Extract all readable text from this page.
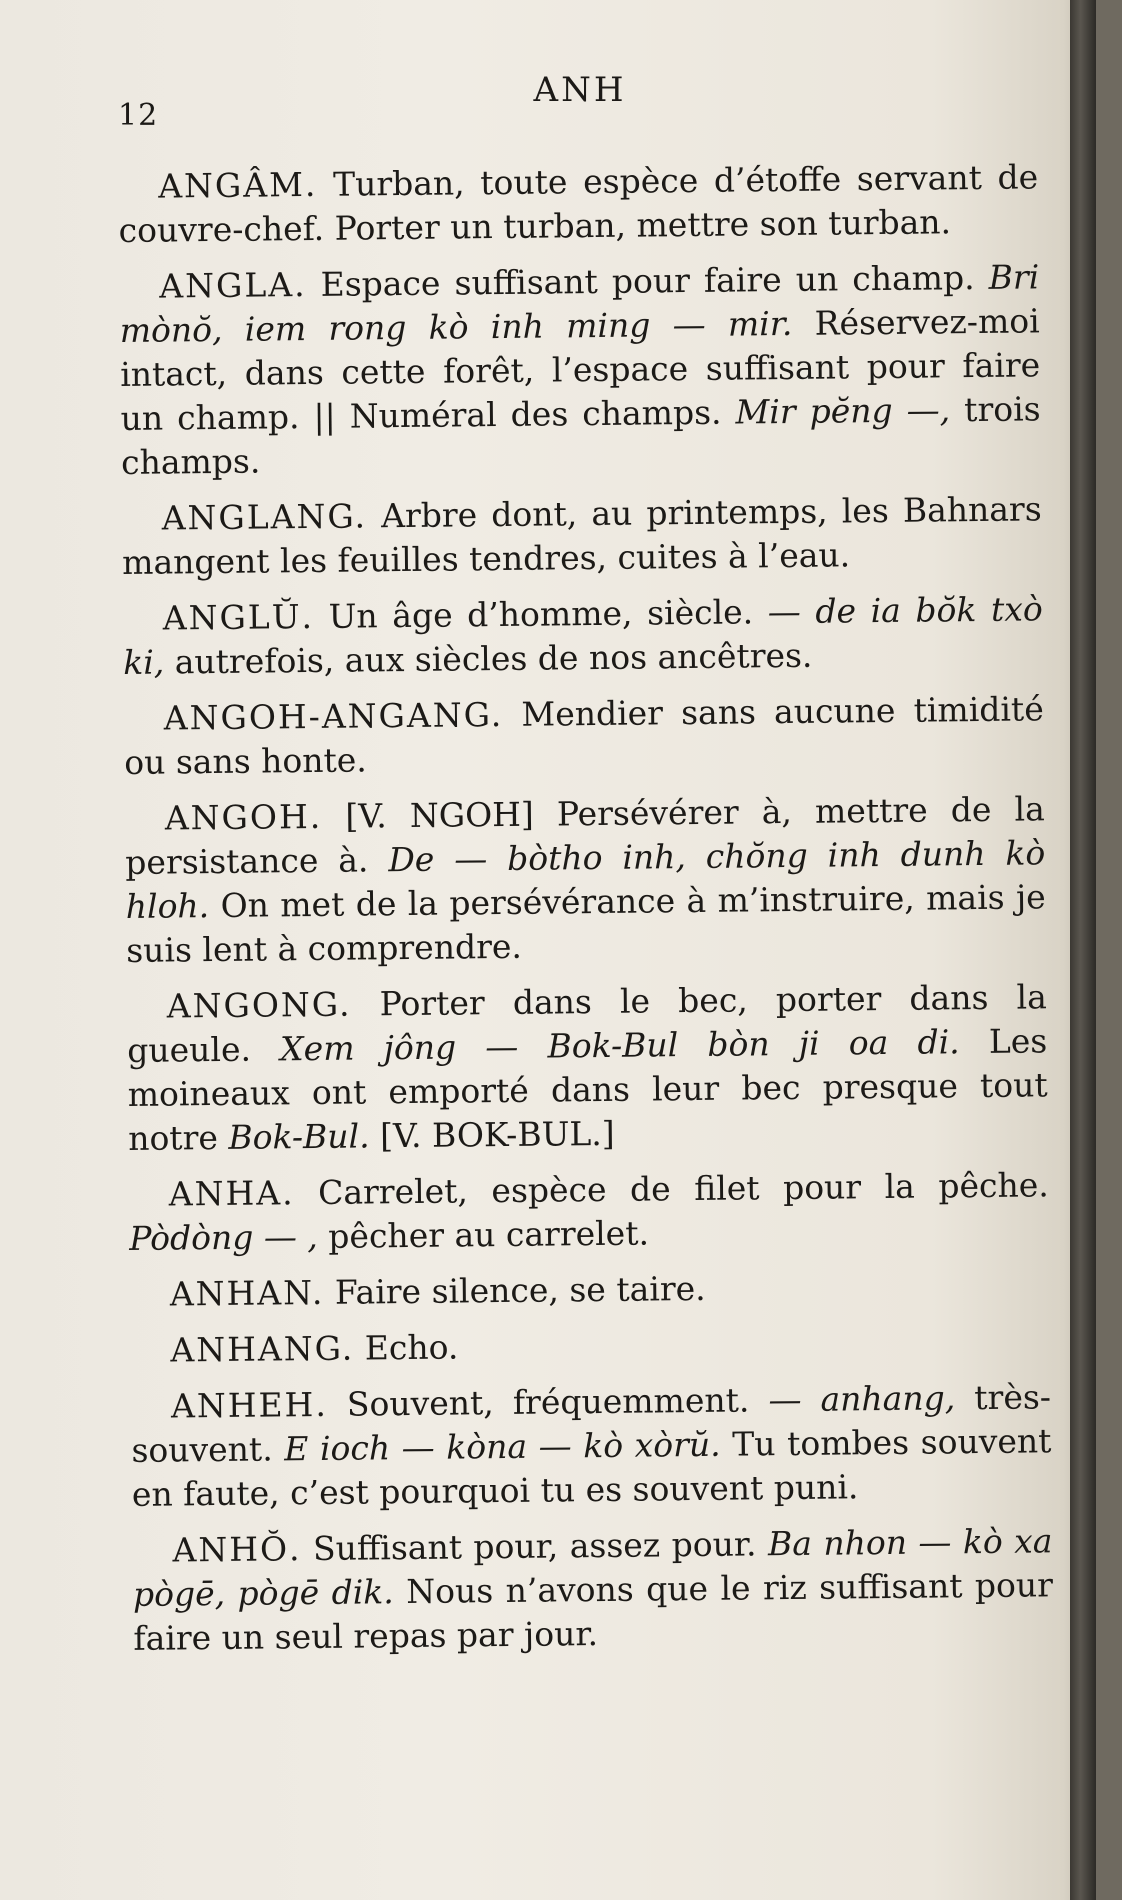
12
ANH

ANGÂM. Turban, toute espèce d’étoffe servant de couvre-chef. Porter un turban, mettre son turban.

ANGLA. Espace suffisant pour faire un champ. Bri mònŏ, iem rong kò inh ming — mir. Réservez-moi intact, dans cette forêt, l’espace suffisant pour faire un champ. || Numéral des champs. Mir pĕng —, trois champs.

ANGLANG. Arbre dont, au printemps, les Bahnars mangent les feuilles tendres, cuites à l’eau.

ANGLŬ. Un âge d’homme, siècle. — de ia bŏk txò ki, autrefois, aux siècles de nos ancêtres.

ANGOH-ANGANG. Mendier sans aucune timidité ou sans honte.

ANGOH. [V. NGOH] Persévérer à, mettre de la persistance à. De — bòtho inh, chŏng inh dunh kò hloh. On met de la persévérance à m’instruire, mais je suis lent à comprendre.

ANGONG. Porter dans le bec, porter dans la gueule. Xem jông — Bok-Bul bòn ji oa di. Les moineaux ont emporté dans leur bec presque tout notre Bok-Bul. [V. BOK-BUL.]

ANHA. Carrelet, espèce de filet pour la pêche. Pòdòng — , pêcher au carrelet.

ANHAN. Faire silence, se taire.

ANHANG. Echo.

ANHEH. Souvent, fréquemment. — anhang, très-souvent. E ioch — kòna — kò xòrŭ. Tu tombes souvent en faute, c’est pourquoi tu es souvent puni.

ANHŎ. Suffisant pour, assez pour. Ba nhon — kò xa pògē, pògē dik. Nous n’avons que le riz suffisant pour faire un seul repas par jour.
